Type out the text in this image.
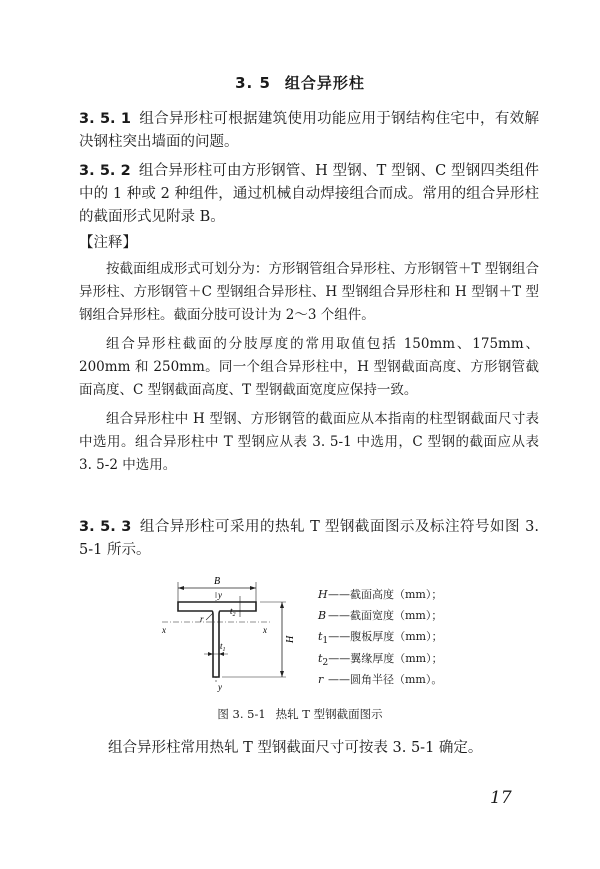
3. 5 组合异形柱
3. 5. 1 组合异形柱可根据建筑使用功能应用于钢结构住宅中，有效解决钢柱突出墙面的问题。
3. 5. 2 组合异形柱可由方形钢管、H 型钢、T 型钢、C 型钢四类组件中的 1 种或 2 种组件，通过机械自动焊接组合而成。常用的组合异形柱的截面形式见附录 B。
【注释】
按截面组成形式可划分为：方形钢管组合异形柱、方形钢管＋T 型钢组合异形柱、方形钢管＋C 型钢组合异形柱、H 型钢组合异形柱和 H 型钢＋T 型钢组合异形柱。截面分肢可设计为 2～3 个组件。
组合异形柱截面的分肢厚度的常用取值包括 150mm、175mm、200mm 和 250mm。同一个组合异形柱中，H 型钢截面高度、方形钢管截面高度、C 型钢截面高度、T 型钢截面宽度应保持一致。
组合异形柱中 H 型钢、方形钢管的截面应从本指南的柱型钢截面尺寸表中选用。组合异形柱中 T 型钢应从表 3. 5-1 中选用，C 型钢的截面应从表 3. 5-2 中选用。
3. 5. 3 组合异形柱可采用的热轧 T 型钢截面图示及标注符号如图 3. 5-1 所示。
B
y
y
x	x
r
$t_2$
$t_1$
H
H——截面高度（mm）；
B ——截面宽度（mm）；
$t_1——$腹板厚度（mm）；
$t_2——$翼缘厚度（mm）；
r ——圆角半径（mm）。
图 3. 5-1 热轧 T 型钢截面图示
组合异形柱常用热轧 T 型钢截面尺寸可按表 3. 5-1 确定。
17
